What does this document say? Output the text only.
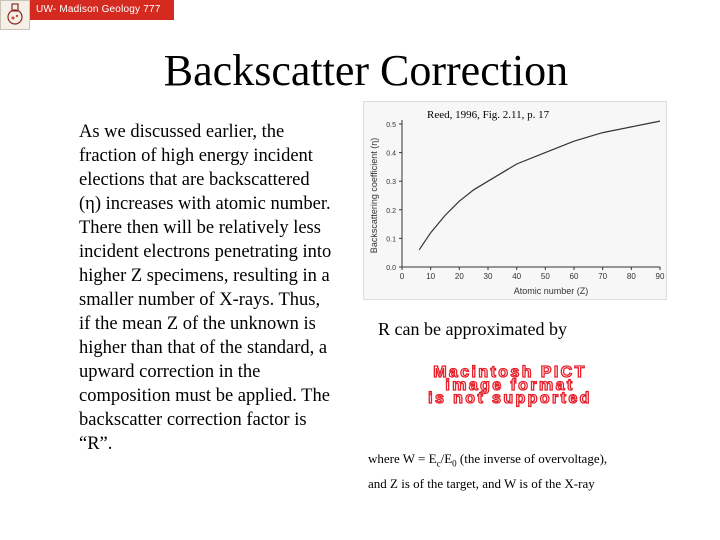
UW- Madison Geology 777
Backscatter Correction
As we discussed earlier, the
fraction of high energy incident
elections that are backscattered
(η) increases with atomic number.
There then will be relatively less
incident electrons penetrating into
higher Z specimens, resulting in a
smaller number of X-rays. Thus,
if the mean Z of the unknown is
higher than that of the standard, a
upward correction in the
composition must be applied. The
backscatter correction factor is
“R”.
0.0
0.1
0.2
0.3
0.4
0.5
0	10 20 30 40 50 60 70 80 90
Atomic number (Z)
Backscattering coefficient (η)
Reed, 1996, Fig. 2.11, p. 17
R can be approximated by
Macintosh PICT
image format
is not supported
where $W = E_c/E_0$ (the inverse of overvoltage),
and Z is of the target, and W is of the X-ray
